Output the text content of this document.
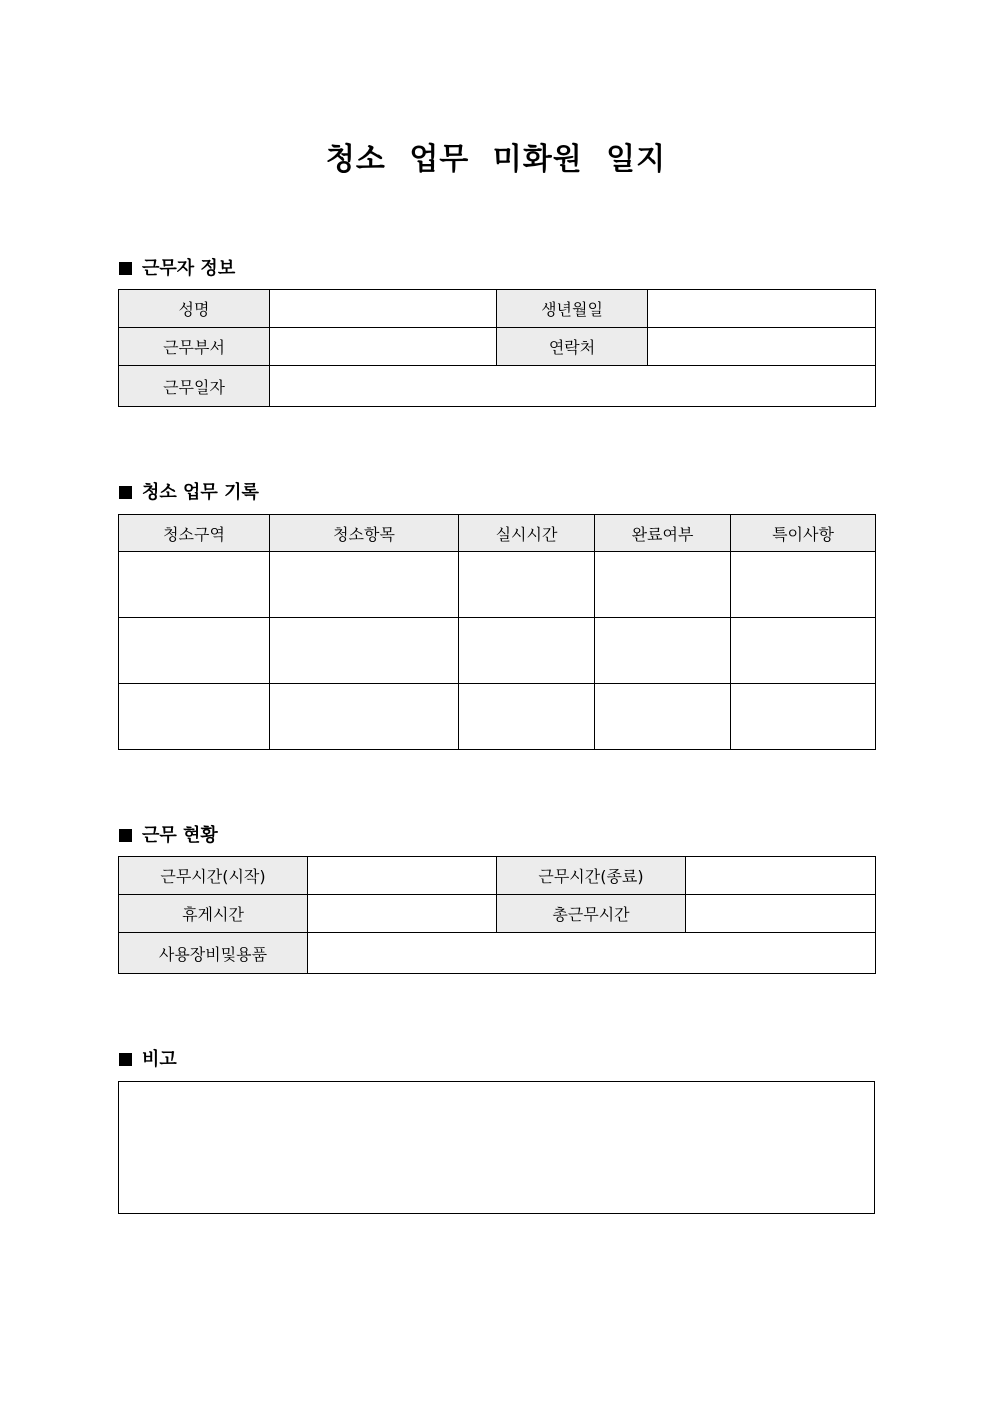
청소 업무 미화원 일지
근무자 정보
성명		생년월일	
근무부서		연락처	
근무일자			
청소 업무 기록
청소구역	청소항목	실시시간	완료여부	특이사항

근무 현황
근무시간(시작)		근무시간(종료)	
휴게시간		총근무시간	
사용장비및용품			
비고
